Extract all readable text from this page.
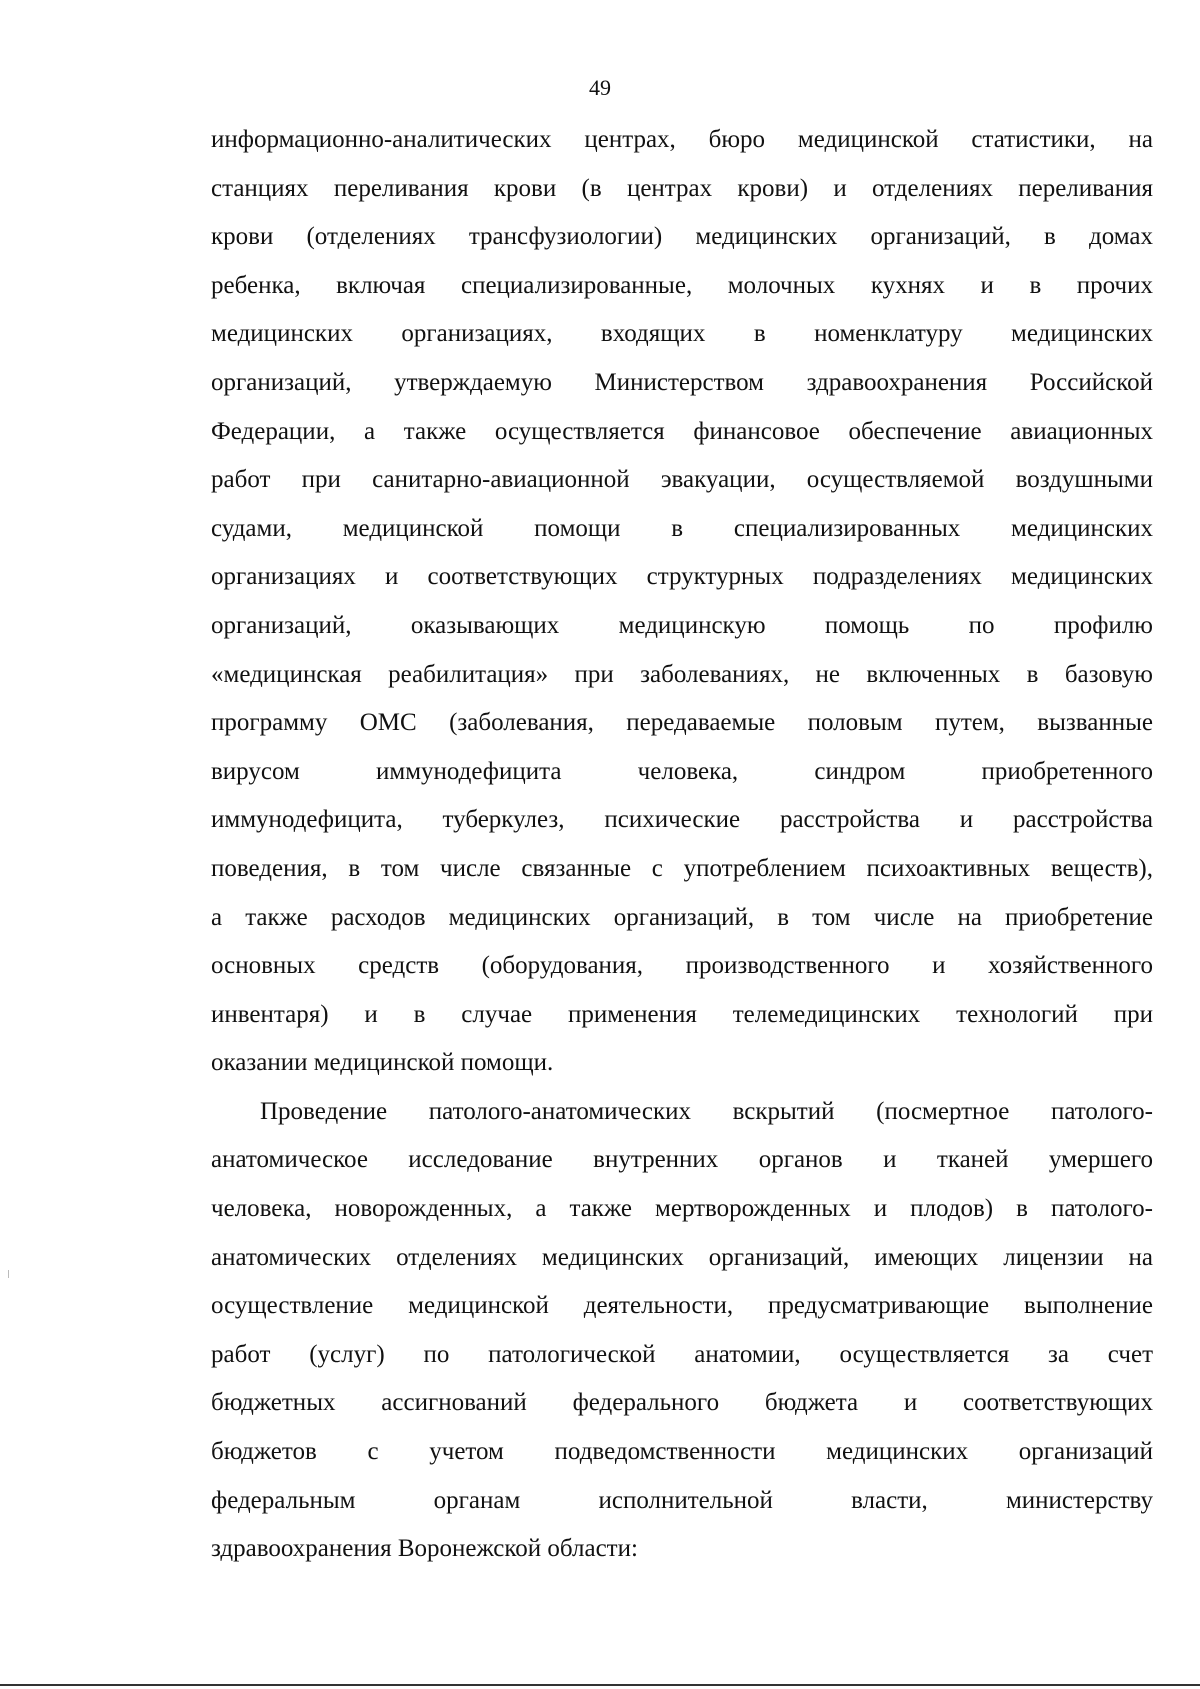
49
информационно-аналитических центрах, бюро медицинской статистики, на
станциях переливания крови (в центрах крови) и отделениях переливания
крови (отделениях трансфузиологии) медицинских организаций, в домах
ребенка, включая специализированные, молочных кухнях и в прочих
медицинских организациях, входящих в номенклатуру медицинских
организаций, утверждаемую Министерством здравоохранения Российской
Федерации, а также осуществляется финансовое обеспечение авиационных
работ при санитарно-авиационной эвакуации, осуществляемой воздушными
судами, медицинской помощи в специализированных медицинских
организациях и соответствующих структурных подразделениях медицинских
организаций, оказывающих медицинскую помощь по профилю
«медицинская реабилитация» при заболеваниях, не включенных в базовую
программу ОМС (заболевания, передаваемые половым путем, вызванные
вирусом иммунодефицита человека, синдром приобретенного
иммунодефицита, туберкулез, психические расстройства и расстройства
поведения, в том числе связанные с употреблением психоактивных веществ),
а также расходов медицинских организаций, в том числе на приобретение
основных средств (оборудования, производственного и хозяйственного
инвентаря) и в случае применения телемедицинских технологий при
оказании медицинской помощи.
Проведение патолого-анатомических вскрытий (посмертное патолого-
анатомическое исследование внутренних органов и тканей умершего
человека, новорожденных, а также мертворожденных и плодов) в патолого-
анатомических отделениях медицинских организаций, имеющих лицензии на
осуществление медицинской деятельности, предусматривающие выполнение
работ (услуг) по патологической анатомии, осуществляется за счет
бюджетных ассигнований федерального бюджета и соответствующих
бюджетов с учетом подведомственности медицинских организаций
федеральным органам исполнительной власти, министерству
здравоохранения Воронежской области:
